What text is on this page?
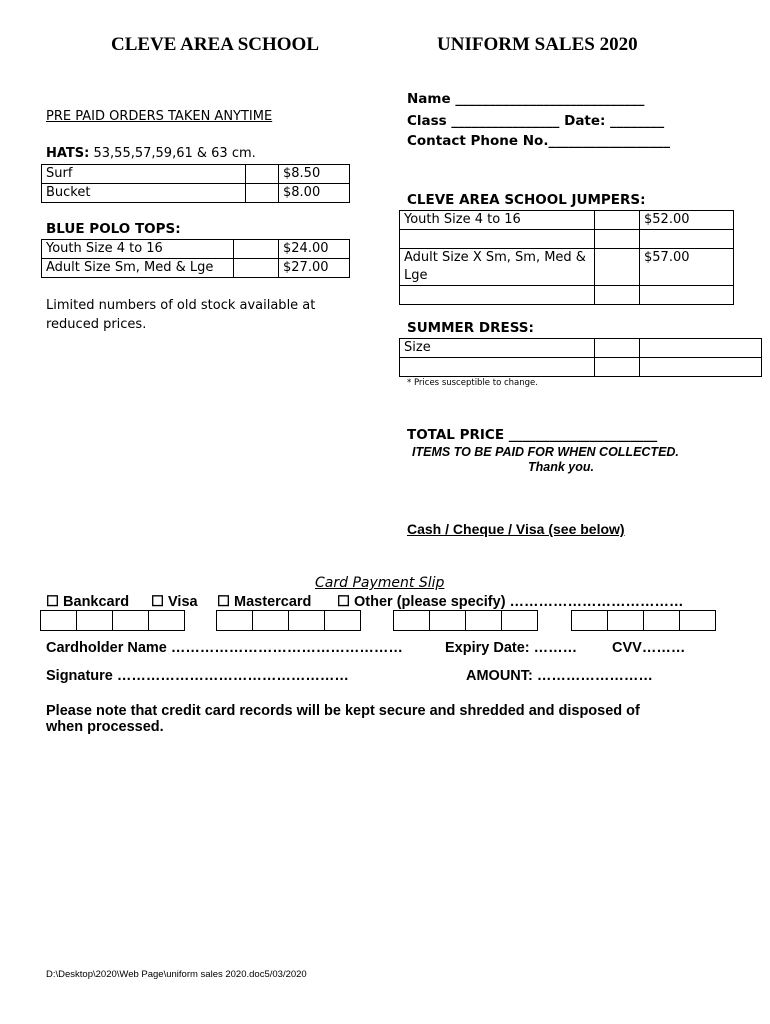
CLEVE AREA SCHOOL	UNIFORM SALES 2020
PRE PAID ORDERS TAKEN ANYTIME
HATS: 53,55,57,59,61 & 63 cm.
Surf		$8.50
Bucket		$8.00
BLUE POLO TOPS:
Youth Size 4 to 16		$24.00
Adult Size Sm, Med & Lge		$27.00
Limited numbers of old stock available at
reduced prices.
Name ____________________________
Class ________________ Date: ________
Contact Phone No.__________________
CLEVE AREA SCHOOL JUMPERS:
Youth Size 4 to 16		$52.00

Adult Size X Sm, Sm, Med & Lge		$57.00

SUMMER DRESS:
Size		

* Prices susceptible to change.
TOTAL PRICE ______________________
ITEMS TO BE PAID FOR WHEN COLLECTED.
Thank you.
Cash / Cheque / Visa (see below)
Card Payment Slip
☐ Bankcard ☐ Visa ☐ Mastercard ☐ Other (please specify) ………………………………
Cardholder Name …………………………………………	Expiry Date: ……… CVV………
Signature …………………………………………	AMOUNT: ……………………
Please note that credit card records will be kept secure and shredded and disposed of
when processed.
D:\Desktop\2020\Web Page\uniform sales 2020.doc5/03/2020
